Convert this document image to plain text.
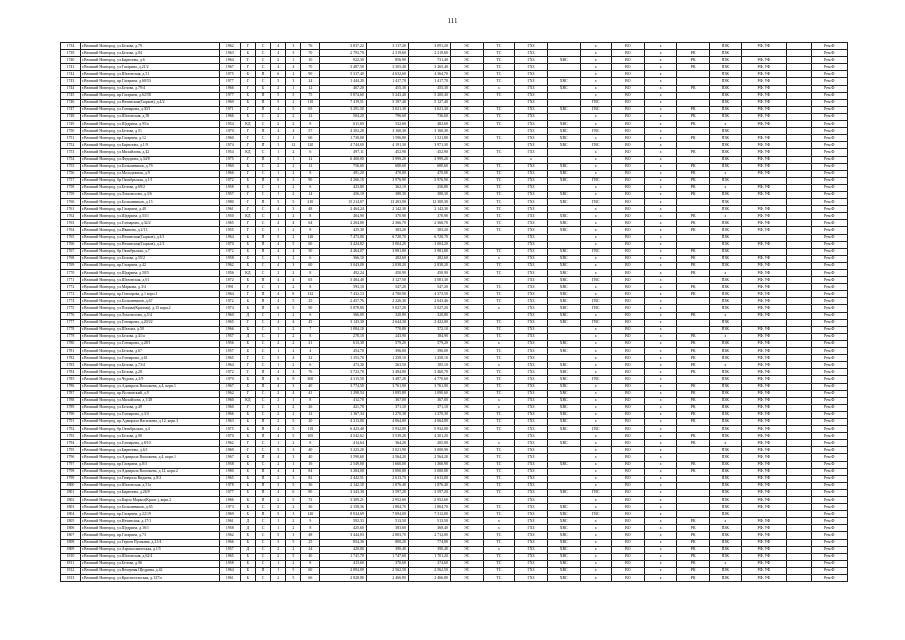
111
1734	г.Великий Новгород, ул.Белова, д.79	1962	Г	С	4	3	76	3 837,22	3 117,20	3 091,20	ЭС	ТС	ГХЗ		х	ВО	х		ПЗК	РФ, УФ		Рем.Ф
1739	г.Великий Новгород, ул.Белова, д.84	1963	Б	С	4	3	70	2 793,70	2 319,60	2 319,60	ЭС	ТС	ГХЗ		х	ВО	х	РК	ПЗК			Рем.Ф
1740	г.Великий Новгород, ул.Бирюзова, д.6	1964	Г	С	2	1	10	922,30	856,90	731,40	ЭС	ТС	ГХЗ	ХВС	х	ВО	х	РК	ПЗК	РФ, УФ		Рем.Ф
1741	г.Великий Новгород, ул.Гагарина, д.21/2	1967	Г	С	4	4	70	3 487,50	3 305,40	3 265,40	ЭС	ТС	ГХЗ		х	ВО	х	РК	ПЗК	РФ, УФ		Рем.Ф
1742	г.Великий Новгород, ул.Шелонская, д.51	1975	Б	П	6	2	90	5 317,40	4 632,60	4 364,70	ЭС	ТС	ГХЗ		х	ВО	х		ПЗК	РФ, УФ		Рем.Ф
1743	г.Великий Новгород, пр.Гагарина, д.60/53	1977	Г	С	5	3	24	1 444,20	1 417,70	1 417,70	ЭС	ТС	ГХЗ	ХВС	х	ВО	х		ПЗК	РФ, УФ		Рем.Ф
1744	г.Великий Новгород, ул.Белова, д.79/4	1966	Г	Б	2	1	12	467,20	455,30	455,30	ЭС	х	ГХЗ	ХВС	х	ВО	х	РК	ПЗК	РФ, УФ		Рем.Ф
1745	г.Великий Новгород, пр.Гагарина, д.62/58	1977	Б	П	5	5	75	5 874,60	5 243,40	5 200,40	ЭС	ТС	ГХЗ		х	ВО	х		ПЗК	РФ, УФ		Рем.Ф
1746	г.Великий Новгород, ул.Нехинская(Сырков), д.4/2	1969	Б	П	5	2	110	7 419,51	5 197,40	5 127,40	ЭС		ГХЗ		ГВС	ВО	х		ПЗК	РФ, УФ		Рем.Ф
1747	г.Великий Новгород, ул.Гончарова, д.30/1	1971	Г	П	4	5	65	3 291,50	3 021,30	3 021,30	ЭС	ТС	ГХЗ	ХВС	ГВС	ВО	х	РК	ПЗК	РФ, УФ		Рем.Ф
1748	г.Великий Новгород, ул.Шелонская, д.58	1966	Б	С	2	2	12	504,20	796,60	736,60	ЭС	ТС	ГХЗ		х	ВО	х	РК	ПЗК	РФ, УФ		Рем.Ф
1749	г.Великий Новгород, ул.Щедрина, д.95/а	1954	КД	С	2	2	8	611,60	532,60	482,60	ЭС	ТС	ГХЗ	ХВС	х	ВО	х	РК	х	РФ, УФ		Рем.Ф
1750	г.Великий Новгород, ул.Белова, д.51	1970	Г	П	4	4	57	4 302,20	3 160,30	3 160,30	ЭС		ГХЗ	ХВС	ГВС	ВО	х		ПЗК			Рем.Ф
1751	г.Великий Новгород, пр.Гагарина, д.12	1960	Г	С	2	1	60	1 730,00	1 596,80	1 521,80	ЭС	ТС	ГХЗ	ХВС	х	ВО	х	РК	ПЗК	РФ, УФ		Рем.Ф
1752	г.Великий Новгород, ул.Бирюзова, д.1/9	1974	Г	П	1	12	120	4 744,00	4 191,30	3 971,30	ЭС		ГХЗ	ХВС	ГВС	ВО	х		ПЗК	РФ, УФ		Рем.Ф
1753	г.Великий Новгород, ул.Михайлова, д.42	1954	КД	С	1	2	6	497,11	452,90	452,90	ЭС	ТС	ГХЗ		х	ВО	х	РК	ПЗК	РФ, УФ		Рем.Ф
1754	г.Великий Новгород, ул.Федорова, д.34/8	1975	Г	П	5	1	12	6 400,00	3 999,20	3 999,20	ЭС		х		х	ВО	х		ПЗК	РФ, УФ		Рем.Ф
1755	г.Великий Новгород, ул.Большевиков, д.7б	1960	Б	С	2	2	12	756,60	680,60	680,60	ЭС	ТС	ГХЗ	ХВС	х	ВО	х	РК	ПЗК	РФ, УФ		Рем.Ф
1756	г.Великий Новгород, ул.Молодежная, д.9	1966	Г	С	1	2	8	491,20	470,00	470,00	ЭС	ТС	ГХЗ	ХВС	х	ВО	х	РК	х	РФ, УФ		Рем.Ф
1757	г.Великий Новгород, бр.Октябрьская, д.1/1	1972	Б	П	6	3	90	4 266,10	3 976,90	3 976,90	ЭС	ТС	ГХЗ	ХВС	ГВС	ВО	х	РК	ПЗК			Рем.Ф
1758	г.Великий Новгород, ул.Белова, д.69/2	1958	Б	С	1	2	6	423,80	362,10	256,80	ЭС	ТС	ГХЗ		х	ВО	х	РК	х	РФ, УФ		Рем.Ф
1759	г.Великий Новгород, ул.Ломоносова, д.3/6	1957	Г	С	1	2	14	456,10	388,30	388,30	ЭС	ТС	ГХЗ	ХВС	х	ВО	х	РК	ПЗК	РФ, УФ		Рем.Ф
1760	г.Великий Новгород, ул.Большевиков, д.15	1980	Г	П	5	5	210	15 214,07	13 203,90	12 300,30	ЭС	ТС	ГХЗ	ХВС	ГВС	ВО	х		ПЗК			Рем.Ф
1761	г.Великий Новгород, пр.Гагарина, д.40	1961	Г	С	4	3	48	2 464,24	2 142,30	2 142,30	ЭС	ТС	ГХЗ		х	ВО	х		ПЗК	РФ, УФ		Рем.Ф
1762	г.Великий Новгород, ул.Щедрина, д.53/1	1950	КД	С	1	2	8	404,90	370,90	370,90	ЭС	ТС	ГХЗ	ХВС	х	ВО	х	РК	х	РФ, УФ		Рем.Ф
1763	г.Великий Новгород, ул.Гончарова, д.32/2	1965	Г	С	4	4	64	2 204,80	2 366,70	2 366,70	ЭС	ТС	ГХЗ	ХВС	х	ВО	х	РК	ПЗК	РФ, УФ		Рем.Ф
1764	г.Великий Новгород, ул.Иванова, д.2/13	1955	Г	С	1	2	8	425,30	383,20	383,20	ЭС	ТС	ГХЗ	ХВС	х	ВО	х	РК	ПЗК	РФ, УФ		Рем.Ф
1765	г.Великий Новгород, ул.Нехинская(Сырков), д.4/1	1964	Б	П	5	2	120	7 473,00	6 720,70	6 720,70	ЭС		ГХЗ		х	ВО	х		ПЗК			Рем.Ф
1766	г.Великий Новгород, ул.Нехинская(Сырков), д.2/1	1970	Б	П	4	5	60	3 424,82	3 004,20	3 004,20	ЭС		ГХЗ		х	ВО	х		ПЗК	РФ, УФ		Рем.Ф
1767	г.Великий Новгород, бр.Октябрьская, д.7	1972	Б	П	4	4	50	4 464,07	3 981,80	3 981,80	ЭС	ТС	ГХЗ	ХВС	ГВС	ВО	х	РК	ПЗК			Рем.Ф
1768	г.Великий Новгород, ул.Белова, д.55/2	1958	Б	С	1	2	6	366,10	282,60	282,60	ЭС	х	ГХЗ	ХВС	х	ВО	х	РК	ПЗК	РФ, УФ		Рем.Ф
1769	г.Великий Новгород, пр.Гагарина, д.42	1962	Б	С	4	3	60	3 043,00	2 838,20	2 838,20	ЭС	ТС	ГХЗ	ХВС	х	ВО	х	РК	ПЗК	РФ, УФ		Рем.Ф
1770	г.Великий Новгород, ул.Щедрина, д.50/5	1956	КД	С	2	2	8	492,24	450,90	450,90	ЭС	ТС	ГХЗ	ХВС	х	ВО	х	РК	х	РФ, УФ		Рем.Ф
1771	г.Великий Новгород, ул.Шелонская, д.61	1972	Б	П	4	4	65	3 484,40	3 127,50	3 081,30	ЭС		ГХЗ	ХВС	ГВС	ВО	х		ПЗК	РФ, УФ		Рем.Ф
1772	г.Великий Новгород, ул.Маркова, д.3/4	1991	Г	С	1	2	8	593,10	547,20	547,20	ЭС	ТС	ГХЗ	ХВС	х	ВО	х	РК	ПЗК	РФ, УФ		Рем.Ф
1773	г.Великий Новгород, пр.Гончарова, д.1 корп.1	1964	Г	П	4	8	132	7 432,13	4 700,90	4 373,50	ЭС	ТС	ГХЗ	ХВС	х	ВО	х	РК	ПЗК	РФ, УФ		Рем.Ф
1774	г.Великий Новгород, ул.Большевиков, д.67	1972	Б	П	4	5	25	2 457,76	2 226,30	2 043,46	ЭС	ТС	ГХЗ	ХВС	ГВС	ВО	х		ПЗК	РФ, УФ		Рем.Ф
1775	г.Великий Новгород, ул.Попова(Красная), д.15 корп.2	1974	Б	П	6	5	90	5 878,80	5 027,20	5 027,20	ЭС	х	ГХЗ	ХВС	ГВС	ВО	х		ПЗК	РФ, УФ		Рем.Ф
1776	г.Великий Новгород, ул.Ломоносова, д.5/4	1960	Д	С	1	2	6	366,00	320,80	320,80	ЭС		ГХЗ	ХВС	х	ВО	х	РК	х	РФ, УФ		Рем.Ф
1777	г.Великий Новгород, ул.Гончарова, д.20/22	1965	Г	С	4	4	45	3 143,30	2 644,30	2 422,00	ЭС	ТС	ГХЗ	ХВС	ГВС	ВО	х		ПЗК			Рем.Ф
1778	г.Великий Новгород, ул.Шелона, д.50	1966	Б	С	1	2	7	1 084,10	770,80	372,10	ЭС	ТС	ГХЗ		х	ВО	х		ПЗК	РФ, УФ		Рем.Ф
1779	г.Великий Новгород, ул.Белова, д.41/а	1957	Д	С	1	2	8	278,10	243,90	184,90	ЭС	ТС	ГХЗ		х	ВО	х	РК	х	РФ, УФ		Рем.Ф
1780	г.Великий Новгород, ул.Гончарова, д.28/1	1956	Б	С	2	2	21	613,30	579,20	579,20	ЭС	х	ГХЗ	ХВС	х	ВО	х	РК	ПЗК	РФ, УФ		Рем.Ф
1781	г.Великий Новгород, ул.Белова, д.67	1957	Б	С	1	2	4	454,70	396,00	396,00	ЭС	ТС	ГХЗ	ХВС	х	ВО	х	РК	ПЗК	РФ, УФ		Рем.Ф
1782	г.Великий Новгород, ул.Гончарова, д.61	1965	Г	С	3	4	32	1 353,70	1 258,10	1 258,10	ЭС	ТС	ГХЗ		х	ВО	х	РК	ПЗК	РФ, УФ		Рем.Ф
1783	г.Великий Новгород, ул.Белова, д.73/4	1964	Г	С	1	2	6	473,30	263,50	185,10	ЭС	х	ГХЗ	ХВС	х	ВО	х	РК	х	РФ, УФ		Рем.Ф
1784	г.Великий Новгород, ул.Белова, д.28	1972	Г	П	4	3	76	3 723,70	3 494,80	3 460,70	ЭС	ТС	ГХЗ	ХВС	х	ВО	х	РК	ПЗК	РФ, УФ		Рем.Ф
1785	г.Великий Новгород, ул.Чудова, д.2/9	1970	Б	П	6	9	300	4 315,50	3 487,20	4 770,60	ЭС	ТС	ГХЗ	ХВС	ГВС	ВО	х		ПЗК	РФ, УФ		Рем.Ф
1786	г.Великий Новгород, ул.Адмирала Васильева, д.4, корп.1	1967	Б	П	4	3	40	3 774,50	3 761,90	3 761,90	ЭС	ТС	ГХЗ	ХВС	х	ВО	х	РК	ПЗК	РФ, УФ		Рем.Ф
1787	г.Великий Новгород, пр.Волховский, д.9	1962	Г	С	2	4	41	1 298,54	1 095,80	1 090,60	ЭС	ТС	ГХЗ	ХВС	х	ВО	х	РК	ПЗК	РФ, УФ		Рем.Ф
1788	г.Великий Новгород, ул.Михайлова, д.1/28	1960	КД	С	2	1	8	412,70	367,00	367,00	ЭС	х	ГХЗ	ХВС	х	ВО	х	РК	ПЗК	РФ, УФ		Рем.Ф
1789	г.Великий Новгород, ул.Белова, д.49	1960	Г	С	1	2	26	421,78	371,10	371,10	ЭС	х	ГХЗ	ХВС	х	ВО	х	РК	ПЗК	РФ, УФ		Рем.Ф
1790	г.Великий Новгород, ул.Гончарова, д.3/4	1966	Б	С	2	2	12	1 167,34	1 270,30	1 270,30	ЭС	ТС	ГХЗ	ХВС	х	ВО	х	РК	ПЗК	РФ, УФ		Рем.Ф
1791	г.Великий Новгород, пр.Адмирала Васильева, д.12, корп.3	1963	Б	П	2	5	20	4 213,00	4 064,80	4 064,80	ЭС	ТС	ГХЗ	ХВС	х	ВО	х	РК	ПЗК	РФ, УФ		Рем.Ф
1792	г.Великий Новгород, бр.Октябрьская, д.4	1975	Б	П	4	5	118	6 423,40	5 932,00	5 932,00	ЭС	ТС	ГХЗ	ХВС	ГВС	ВО	х		ПЗК	РФ, УФ		Рем.Ф
1793	г.Великий Новгород, ул.Белова, д.90	1970	Б	П	4	5	105	4 542,62	3 539,20	4 301,20	ЭС		ГХЗ		х	ВО	х	РК	ПЗК	РФ, УФ		Рем.Ф
1794	г.Великий Новгород, ул.Гончарова, д.8/10	1962	Г	С	1	2	8	414,64	364,20	205,00	ЭС	х	ГХЗ	ХВС	х	ВО	х	РК	х	РФ, УФ		Рем.Ф
1795	г.Великий Новгород, ул.Бирюзова, д.6/1	1969	Г	С	5	3	40	3 223,20	3 021,90	3 000,90	ЭС	ТС	ГХЗ		х	ВО	х		ПЗК	РФ, УФ		Рем.Ф
1796	г.Великий Новгород, ул.Адмирала Васильева, д.4, корп.1	1967	Б	П	4	3	40	3 590,60	2 564,20	2 564,20	ЭС	ТС	ГХЗ		х	ВО	х		ПЗК	РФ, УФ		Рем.Ф
1797	г.Великий Новгород, пр.Гагарина, д.8/3	1958	Б	С	2	1	16	2 549,00	1 660,00	1 360,90	ЭС	ТС	ГХЗ	ХВС	х	ВО	х	РК	ПЗК	РФ, УФ		Рем.Ф
1798	г.Великий Новгород, ул.Адмирала Васильева, д.12, корп.2	1980	Б	П	4	4	84	3 284,00	3 000,80	3 000,80	ЭС	ТС	ГХЗ		х	ВО	х	РК	ПЗК	РФ, УФ		Рем.Ф
1799	г.Великий Новгород, ул.Генерала Видяева, д.8/2	1965	Б	П	2	3	82	2 442,51	2 613,70	2 613,00	ЭС	ТС	ГХЗ		х	ВО	х		ПЗК	РФ, УФ		Рем.Ф
1800	г.Великий Новгород, ул.Шелонская, д.51а	1978	Б	П	3	5	36	2 142,10	1 876,40	1 876,40	ЭС	ТС	ГХЗ		х	ВО	х		ПЗК	РФ, УФ		Рем.Ф
1801	г.Великий Новгород, ул.Бирюзова, д.26/9	1977	Б	П	4	6	80	3 343,30	3 597,20	3 597,20	ЭС	ТС	ГХЗ	ХВС	ГВС	ВО	х		ПЗК	РФ, УФ		Рем.Ф
1802	г.Великий Новгород, ул.Карла Маркса(Красн.), корп.2	1966	Б	П	2	5	72	3 309,21	2 952,60	2 952,60	ЭС		ГХЗ		х	ВО	х		ПЗК	РФ, УФ		Рем.Ф
1803	г.Великий Новгород, ул.Большевиков, д.65	1973	Б	С	2	2	36	2 158,36	1 804,70	1 804,70	ЭС	ТС	ГХЗ	ХВС	х	ВО	х		ПЗК	РФ, УФ		Рем.Ф
1804	г.Великий Новгород, пр.Гагарина, д.22/19	1969	Б	П	5	3	120	8 034,69	7 094,00	7 312,00	ЭС	ТС	ГХЗ	ХВС	ГВС	ВО	х		ПЗК			Рем.Ф
1805	г.Великий Новгород, ул.Нехинская, д.17/1	1961	Д	С	1	2	9	592,33	513,50	513,50	ЭС	х	ГХЗ	ХВС	х	ВО	х	РК	х	РФ, УФ		Рем.Ф
1806	г.Великий Новгород, ул.Щедрина, д.16/1	1958	Д	С	1	2	8	425,60	383,60	368,40	ЭС	х	ГХЗ	ХВС	х	ВО	х	РК	ПЗК	РФ, УФ		Рем.Ф
1807	г.Великий Новгород, пр.Гагарина, д.73	1962	Б	С	5	3	48	3 444,03	2 883,70	2 712,00	ЭС	ТС	ГХЗ	ХВС	х	ВО	х	РК	ПЗК	РФ, УФ		Рем.Ф
1808	г.Великий Новгород, ул.Героев Пушкина, д.21/4	1966	Б	С	3	5	25	854,30	800,20	774,80	ЭС	ТС	ГХЗ	ХВС	х	ВО	х	РК	ПЗК	РФ, УФ		Рем.Ф
1809	г.Великий Новгород, ул.Аэрокосмическая, д.1/5	1957	Д	С	2	2	24	420,00	390,40	390,40	ЭС	х	ГХЗ	ХВС	х	ВО	х	РК	ПЗК	РФ, УФ		Рем.Ф
1810	г.Великий Новгород, ул.Шелонская, д.62/4	1965	Б	С	2	5	40	1 741,70	1 747,60	1 701,20	ЭС	ТС	ГХЗ	ХВС	х	ВО	х	РК	ПЗК	РФ, УФ		Рем.Ф
1811	г.Великий Новгород, ул.Белова, д.96	1958	Б	С	1	2	8	413,60	370,60	274,60	ЭС	ТС	ГХЗ	ХВС	х	ВО	х	РК	х	РФ, УФ		Рем.Ф
1812	г.Великий Новгород, ул.Вечерняя Щедрина, д.42	1964	Б	П	1	5	60	2 894,00	2 562,50	2 562,50	ЭС	ТС	ГХЗ	ХВС	х	ВО	х	РК	ПЗК	РФ, УФ		Рем.Ф
1813	г.Великий Новгород, ул.Красносельская, д.137/а	1961	Б	С	2	5	66	2 828,80	2 466,80	2 466,80	ЭС	ТС	ГХЗ	ХВС	х	ВО	х	РК	ПЗК	РФ, УФ		Рем.Ф
